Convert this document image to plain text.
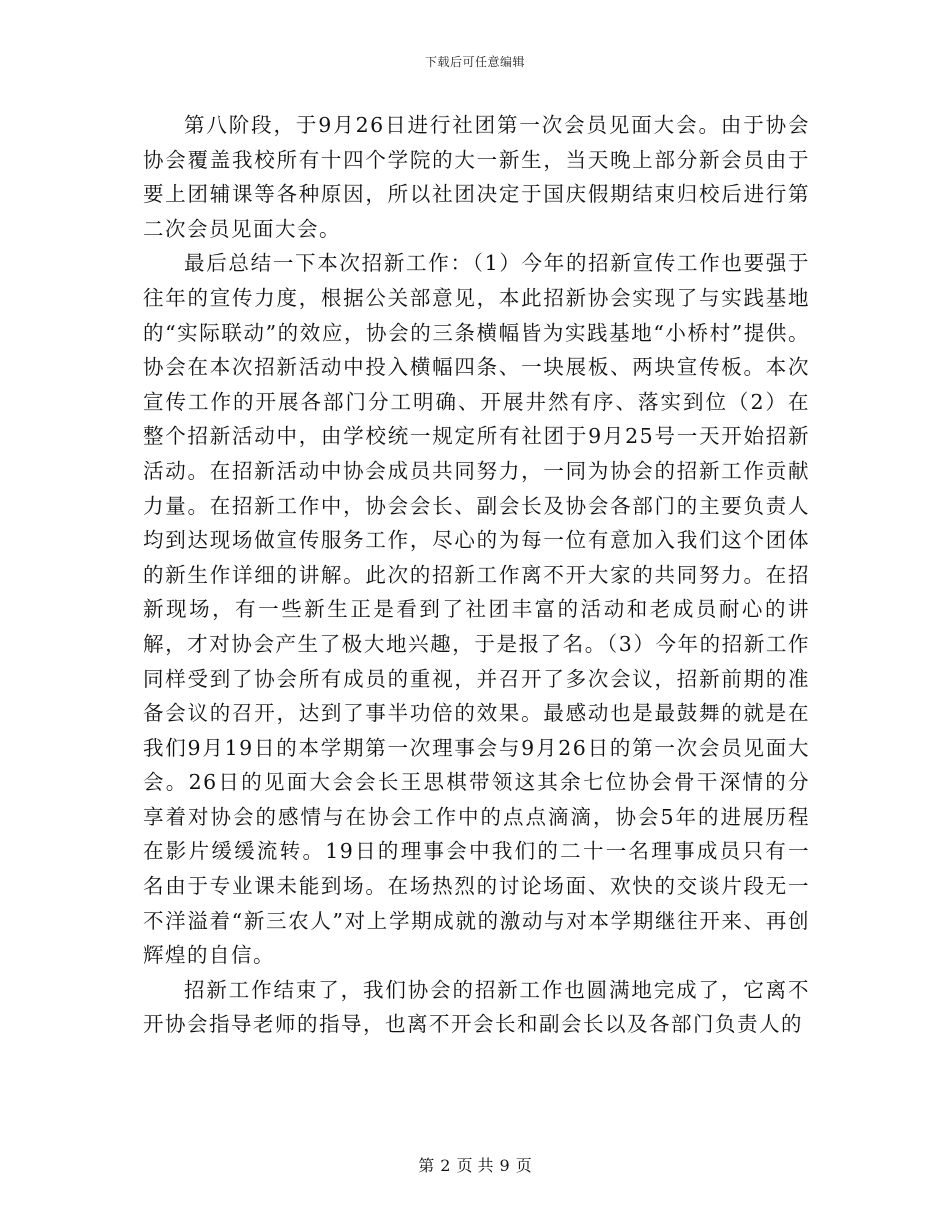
下载后可任意编辑

第八阶段，于9月26日进行社团第一次会员见面大会。由于协会协会覆盖我校所有十四个学院的大一新生，当天晚上部分新会员由于要上团辅课等各种原因，所以社团决定于国庆假期结束归校后进行第二次会员见面大会。

最后总结一下本次招新工作：（1）今年的招新宣传工作也要强于往年的宣传力度，根据公关部意见，本此招新协会实现了与实践基地的“实际联动”的效应，协会的三条横幅皆为实践基地“小桥村”提供。协会在本次招新活动中投入横幅四条、一块展板、两块宣传板。本次宣传工作的开展各部门分工明确、开展井然有序、落实到位（2）在整个招新活动中，由学校统一规定所有社团于9月25号一天开始招新活动。在招新活动中协会成员共同努力，一同为协会的招新工作贡献力量。在招新工作中，协会会长、副会长及协会各部门的主要负责人均到达现场做宣传服务工作，尽心的为每一位有意加入我们这个团体的新生作详细的讲解。此次的招新工作离不开大家的共同努力。在招新现场，有一些新生正是看到了社团丰富的活动和老成员耐心的讲解，才对协会产生了极大地兴趣，于是报了名。（3）今年的招新工作同样受到了协会所有成员的重视，并召开了多次会议，招新前期的准备会议的召开，达到了事半功倍的效果。最感动也是最鼓舞的就是在我们9月19日的本学期第一次理事会与9月26日的第一次会员见面大会。26日的见面大会会长王思棋带领这其余七位协会骨干深情的分享着对协会的感情与在协会工作中的点点滴滴，协会5年的进展历程在影片缓缓流转。19日的理事会中我们的二十一名理事成员只有一名由于专业课未能到场。在场热烈的讨论场面、欢快的交谈片段无一不洋溢着“新三农人”对上学期成就的激动与对本学期继往开来、再创辉煌的自信。

招新工作结束了，我们协会的招新工作也圆满地完成了，它离不开协会指导老师的指导，也离不开会长和副会长以及各部门负责人的

第 2 页 共 9 页
